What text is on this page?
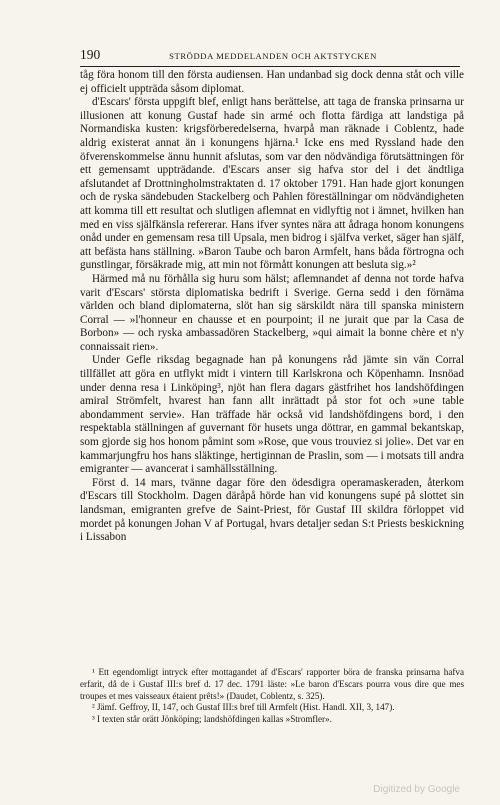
190	STRÖDDA MEDDELANDEN OCH AKTSTYCKEN

tåg föra honom till den första audiensen. Han undanbad sig dock denna ståt och ville ej officielt uppträda såsom diplomat.

d'Escars' första uppgift blef, enligt hans berättelse, att taga de franska prinsarna ur illusionen att konung Gustaf hade sin armé och flotta färdiga att landstiga på Normandiska kusten: krigsförberedelserna, hvarpå man räknade i Coblentz, hade aldrig existerat annat än i konungens hjärna.¹ Icke ens med Ryssland hade den öfverenskommelse ännu hunnit afslutas, som var den nödvändiga förutsättningen för ett gemensamt uppträdande. d'Escars anser sig hafva stor del i det ändtliga afslutandet af Drottningholmstraktaten d. 17 oktober 1791. Han hade gjort konungen och de ryska sändebuden Stackelberg och Pahlen föreställningar om nödvändigheten att komma till ett resultat och slutligen aflemnat en vidlyftig not i ämnet, hvilken han med en viss själfkänsla refererar. Hans ifver syntes nära att ådraga honom konungens onåd under en gemensam resa till Upsala, men bidrog i själfva verket, säger han själf, att befästa hans ställning. »Baron Taube och baron Armfelt, hans båda förtrogna och gunstlingar, försäkrade mig, att min not förmått konungen att besluta sig.»²

Härmed må nu förhålla sig huru som hälst; aflemnandet af denna not torde hafva varit d'Escars' största diplomatiska bedrift i Sverige. Gerna sedd i den förnäma världen och bland diplomaterna, slöt han sig särskildt nära till spanska ministern Corral — »l'honneur en chausse et en pourpoint; il ne jurait que par la Casa de Borbon» — och ryska ambassadören Stackelberg, »qui aimait la bonne chère et n'y connaissait rien».

Under Gefle riksdag begagnade han på konungens råd jämte sin vän Corral tillfället att göra en utflykt midt i vintern till Karlskrona och Köpenhamn. Insnöad under denna resa i Linköping³, njöt han flera dagars gästfrihet hos landshöfdingen amiral Strömfelt, hvarest han fann allt inrättadt på stor fot och »une table abondamment servie». Han träffade här också vid landshöfdingens bord, i den respektabla ställningen af guvernant för husets unga döttrar, en gammal bekantskap, som gjorde sig hos honom påmint som »Rose, que vous trouviez si jolie». Det var en kammarjungfru hos hans släktinge, hertiginnan de Praslin, som — i motsats till andra emigranter — avancerat i samhällsställning.

Först d. 14 mars, tvänne dagar före den ödesdigra operamaskeraden, återkom d'Escars till Stockholm. Dagen däråpå hörde han vid konungens supé på slottet sin landsman, emigranten grefve de Saint-Priest, för Gustaf III skildra förloppet vid mordet på konungen Johan V af Portugal, hvars detaljer sedan S:t Priests beskickning i Lissabon

¹ Ett egendomligt intryck efter mottagandet af d'Escars' rapporter böra de franska prinsarna hafva erfarit, då de i Gustaf III:s bref d. 17 dec. 1791 läste: »Le baron d'Escars pourra vous dire que mes troupes et mes vaisseaux étaient prêts!» (Daudet, Coblentz, s. 325).

² Jämf. Geffroy, II, 147, och Gustaf III:s bref till Armfelt (Hist. Handl. XII, 3, 147).

³ I texten står orätt Jönköping; landshöfdingen kallas »Stromfler».

Digitized by Google
